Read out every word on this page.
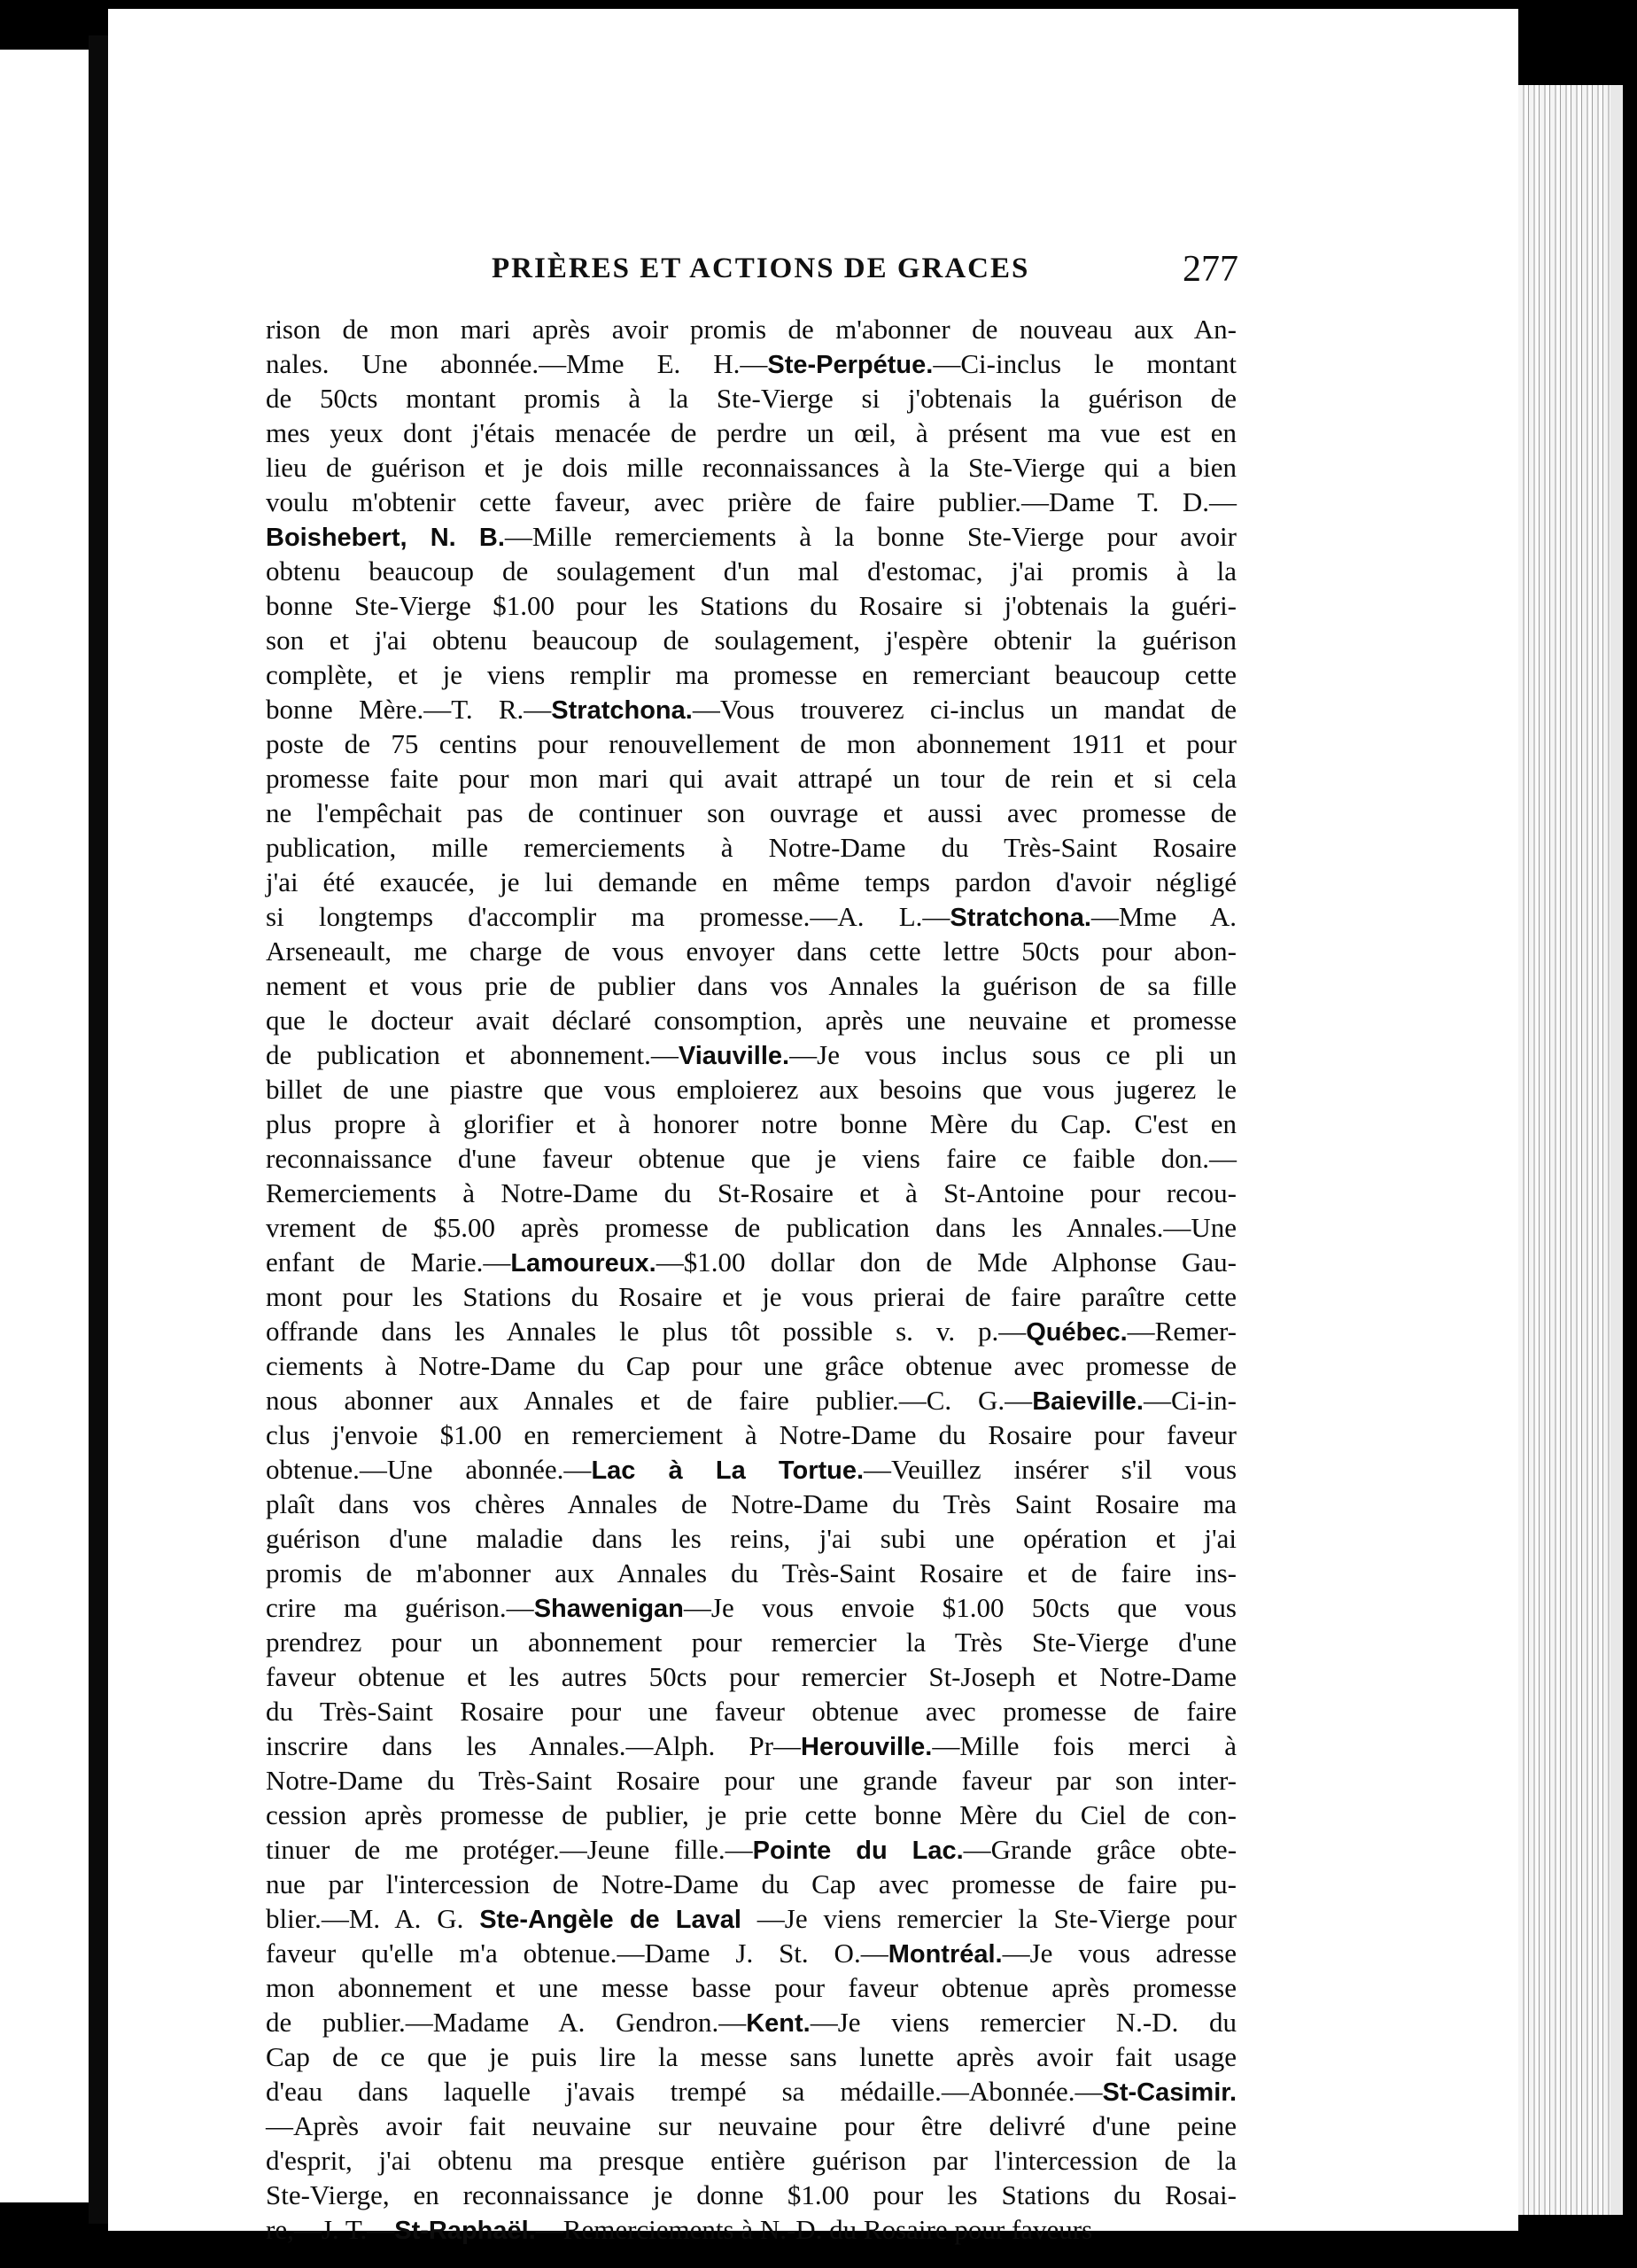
PRIÈRES ET ACTIONS DE GRACES	277
rison de mon mari après avoir promis de m'abonner de nouveau aux An-
nales. Une abonnée.—Mme E. H.—Ste-Perpétue.—Ci-inclus le montant
de 50cts montant promis à la Ste-Vierge si j'obtenais la guérison de
mes yeux dont j'étais menacée de perdre un œil, à présent ma vue est en
lieu de guérison et je dois mille reconnaissances à la Ste-Vierge qui a bien
voulu m'obtenir cette faveur, avec prière de faire publier.—Dame T. D.—
Boishebert, N. B.—Mille remerciements à la bonne Ste-Vierge pour avoir
obtenu beaucoup de soulagement d'un mal d'estomac, j'ai promis à la
bonne Ste-Vierge $1.00 pour les Stations du Rosaire si j'obtenais la guéri-
son et j'ai obtenu beaucoup de soulagement, j'espère obtenir la guérison
complète, et je viens remplir ma promesse en remerciant beaucoup cette
bonne Mère.—T. R.—Stratchona.—Vous trouverez ci-inclus un mandat de
poste de 75 centins pour renouvellement de mon abonnement 1911 et pour
promesse faite pour mon mari qui avait attrapé un tour de rein et si cela
ne l'empêchait pas de continuer son ouvrage et aussi avec promesse de
publication, mille remerciements à Notre-Dame du Très-Saint Rosaire
j'ai été exaucée, je lui demande en même temps pardon d'avoir négligé
si longtemps d'accomplir ma promesse.—A. L.—Stratchona.—Mme A.
Arseneault, me charge de vous envoyer dans cette lettre 50cts pour abon-
nement et vous prie de publier dans vos Annales la guérison de sa fille
que le docteur avait déclaré consomption, après une neuvaine et promesse
de publication et abonnement.—Viauville.—Je vous inclus sous ce pli un
billet de une piastre que vous emploierez aux besoins que vous jugerez le
plus propre à glorifier et à honorer notre bonne Mère du Cap. C'est en
reconnaissance d'une faveur obtenue que je viens faire ce faible don.—
Remerciements à Notre-Dame du St-Rosaire et à St-Antoine pour recou-
vrement de $5.00 après promesse de publication dans les Annales.—Une
enfant de Marie.—Lamoureux.—$1.00 dollar don de Mde Alphonse Gau-
mont pour les Stations du Rosaire et je vous prierai de faire paraître cette
offrande dans les Annales le plus tôt possible s. v. p.—Québec.—Remer-
ciements à Notre-Dame du Cap pour une grâce obtenue avec promesse de
nous abonner aux Annales et de faire publier.—C. G.—Baieville.—Ci-in-
clus j'envoie $1.00 en remerciement à Notre-Dame du Rosaire pour faveur
obtenue.—Une abonnée.—Lac à La Tortue.—Veuillez insérer s'il vous
plaît dans vos chères Annales de Notre-Dame du Très Saint Rosaire ma
guérison d'une maladie dans les reins, j'ai subi une opération et j'ai
promis de m'abonner aux Annales du Très-Saint Rosaire et de faire ins-
crire ma guérison.—Shawenigan—Je vous envoie $1.00 50cts que vous
prendrez pour un abonnement pour remercier la Très Ste-Vierge d'une
faveur obtenue et les autres 50cts pour remercier St-Joseph et Notre-Dame
du Très-Saint Rosaire pour une faveur obtenue avec promesse de faire
inscrire dans les Annales.—Alph. Pr—Herouville.—Mille fois merci à
Notre-Dame du Très-Saint Rosaire pour une grande faveur par son inter-
cession après promesse de publier, je prie cette bonne Mère du Ciel de con-
tinuer de me protéger.—Jeune fille.—Pointe du Lac.—Grande grâce obte-
nue par l'intercession de Notre-Dame du Cap avec promesse de faire pu-
blier.—M. A. G. Ste-Angèle de Laval —Je viens remercier la Ste-Vierge pour
faveur qu'elle m'a obtenue.—Dame J. St. O.—Montréal.—Je vous adresse
mon abonnement et une messe basse pour faveur obtenue après promesse
de publier.—Madame A. Gendron.—Kent.—Je viens remercier N.-D. du
Cap de ce que je puis lire la messe sans lunette après avoir fait usage
d'eau dans laquelle j'avais trempé sa médaille.—Abonnée.—St-Casimir.
—Après avoir fait neuvaine sur neuvaine pour être delivré d'une peine
d'esprit, j'ai obtenu ma presque entière guérison par l'intercession de la
Ste-Vierge, en reconnaissance je donne $1.00 pour les Stations du Rosai-
re,—J. T.—St-Raphaël.—Remerciements à N.-D. du Rosaire pour faveurs
